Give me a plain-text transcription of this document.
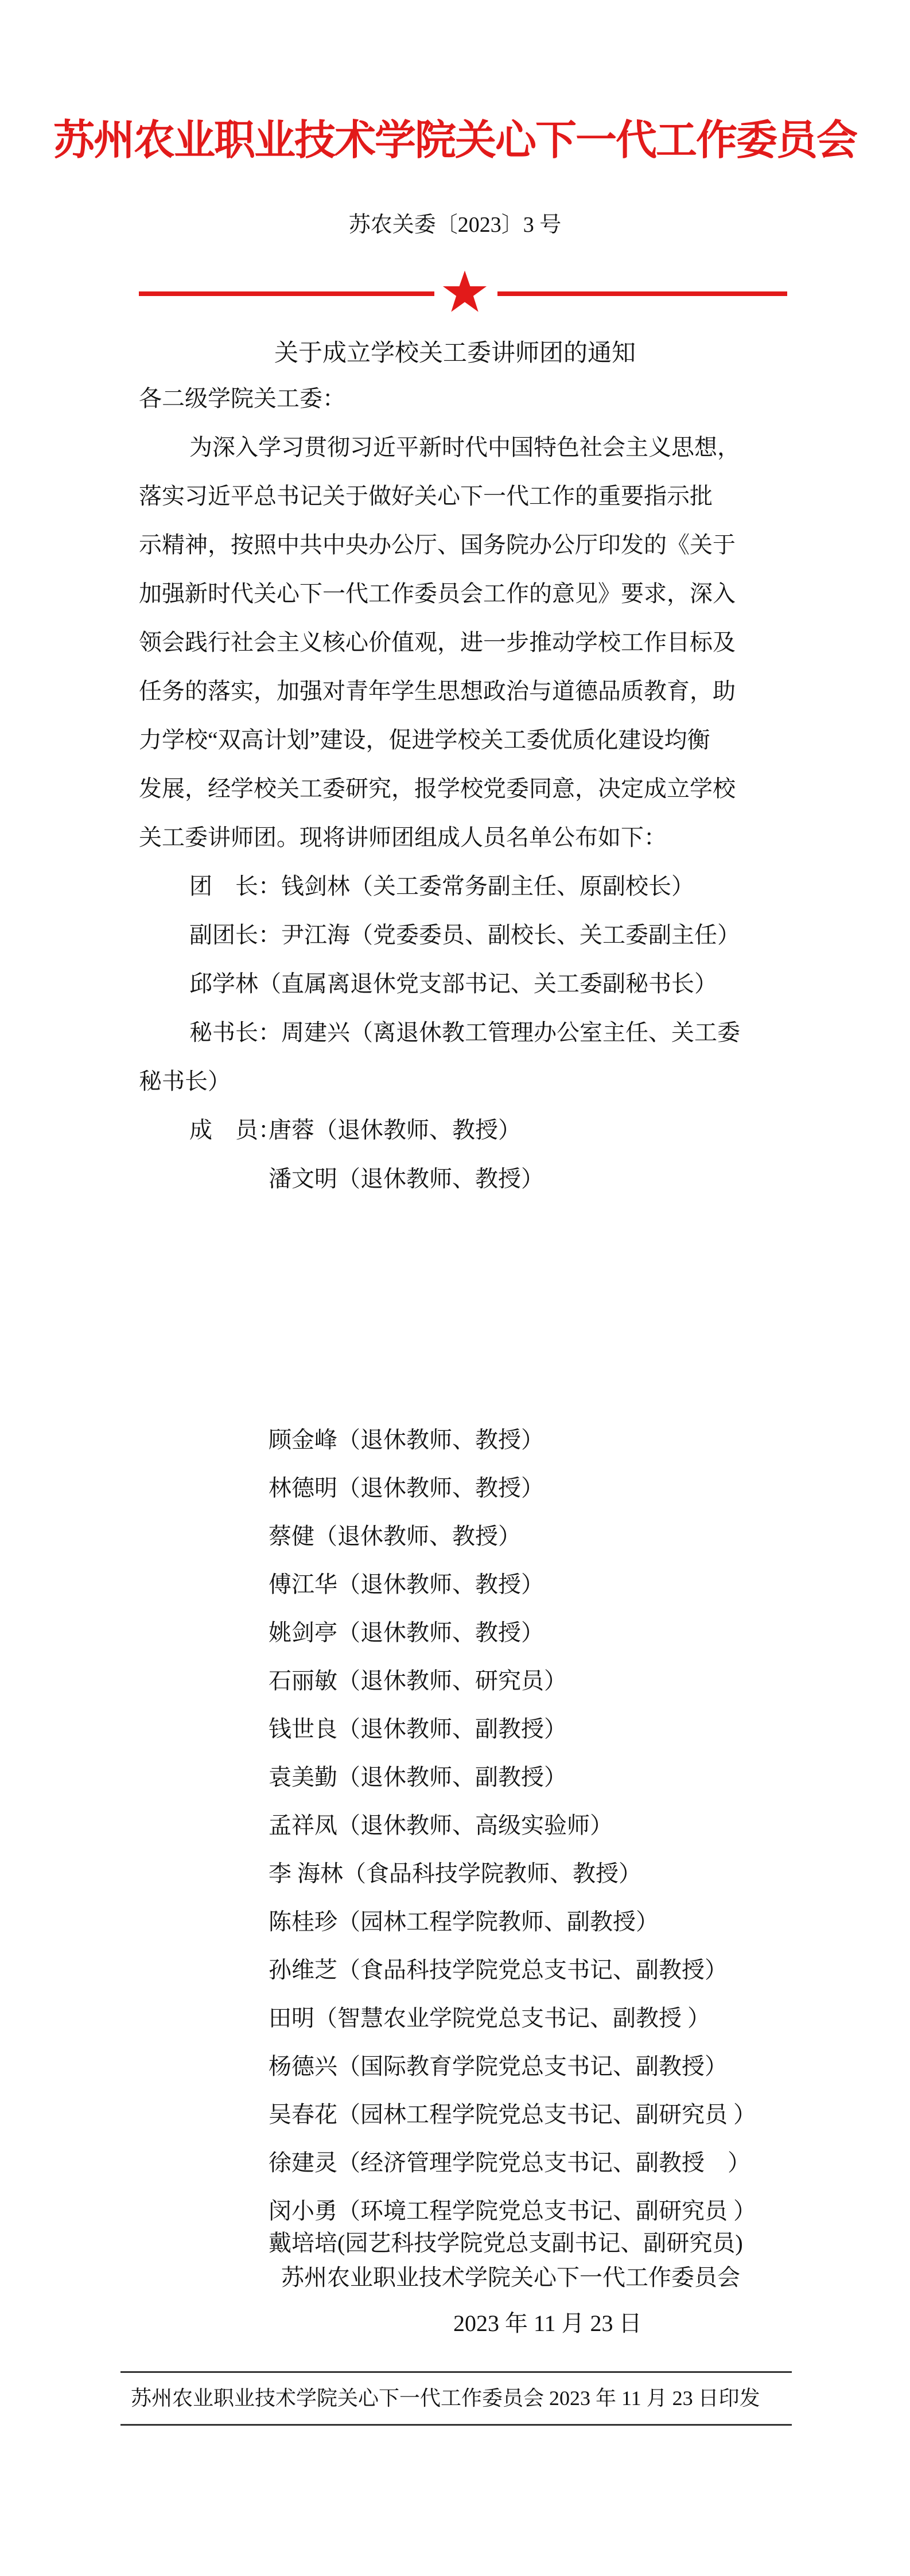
苏州农业职业技术学院关心下一代工作委员会
苏农关委〔2023〕3 号
关于成立学校关工委讲师团的通知
各二级学院关工委：
为深入学习贯彻习近平新时代中国特色社会主义思想，
落实习近平总书记关于做好关心下一代工作的重要指示批
示精神，按照中共中央办公厅、国务院办公厅印发的《关于
加强新时代关心下一代工作委员会工作的意见》要求，深入
领会践行社会主义核心价值观，进一步推动学校工作目标及
任务的落实，加强对青年学生思想政治与道德品质教育，助
力学校“双高计划”建设，促进学校关工委优质化建设均衡
发展，经学校关工委研究，报学校党委同意，决定成立学校
关工委讲师团。现将讲师团组成人员名单公布如下：
团　长：钱剑林（关工委常务副主任、原副校长）
副团长：尹江海（党委委员、副校长、关工委副主任）
邱学林（直属离退休党支部书记、关工委副秘书长）
秘书长：周建兴（离退休教工管理办公室主任、关工委
秘书长）
成　员：
唐蓉（退休教师、教授）
潘文明（退休教师、教授）
顾金峰（退休教师、教授）
林德明（退休教师、教授）
蔡健（退休教师、教授）
傅江华（退休教师、教授）
姚剑亭（退休教师、教授）
石丽敏（退休教师、研究员）
钱世良（退休教师、副教授）
袁美勤（退休教师、副教授）
孟祥凤（退休教师、高级实验师）
李 海林（食品科技学院教师、教授）
陈桂珍（园林工程学院教师、副教授）
孙维芝（食品科技学院党总支书记、副教授）
田明（智慧农业学院党总支书记、副教授 ）
杨德兴（国际教育学院党总支书记、副教授）
吴春花（园林工程学院党总支书记、副研究员 ）
徐建灵（经济管理学院党总支书记、副教授　）
闵小勇（环境工程学院党总支书记、副研究员 ）
戴培培(园艺科技学院党总支副书记、副研究员)
苏州农业职业技术学院关心下一代工作委员会
2023 年 11 月 23 日
苏州农业职业技术学院关心下一代工作委员会 2023 年 11 月 23 日印发
